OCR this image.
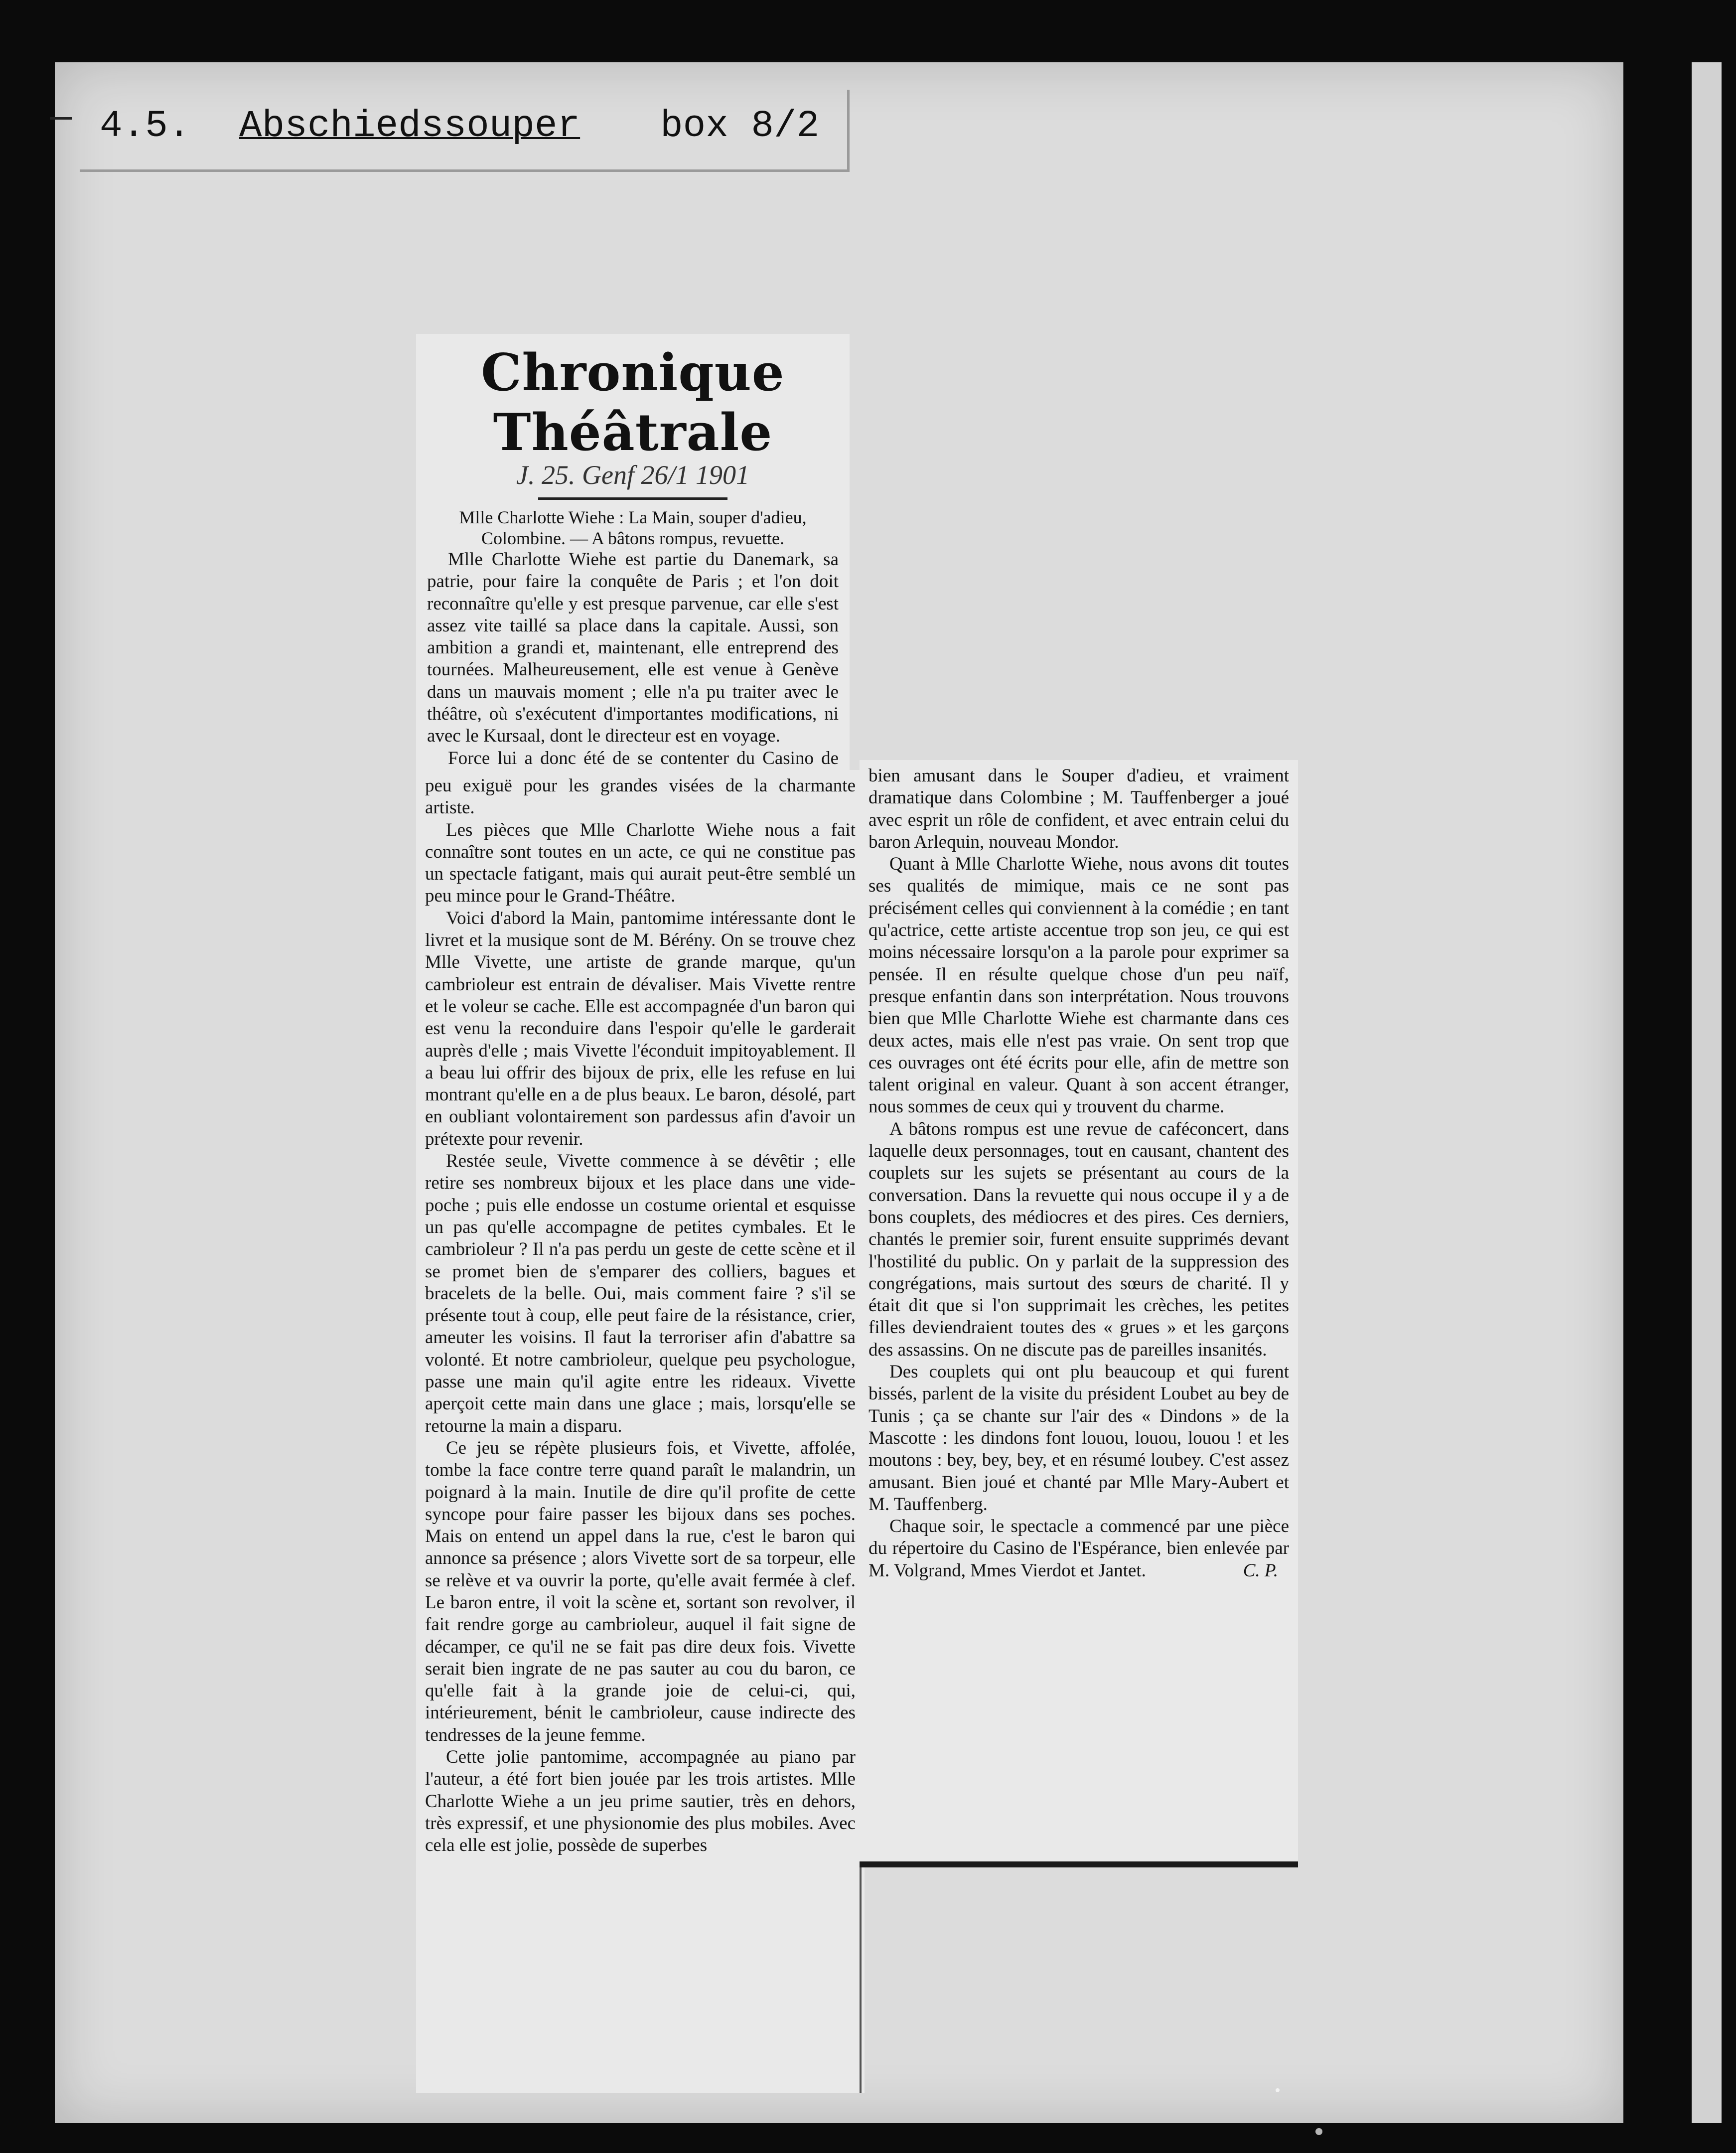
4.5. Abschiedssouper box 8/2
Chronique Théâtrale
J. 25. Genf 26/1 1901
Mlle Charlotte Wiehe : La Main, souper d'adieu, Colombine. — A bâtons rompus, revuette.

Mlle Charlotte Wiehe est partie du Danemark, sa patrie, pour faire la conquête de Paris ; et l'on doit reconnaître qu'elle y est presque parvenue, car elle s'est assez vite taillé sa place dans la capitale. Aussi, son ambition a grandi et, maintenant, elle entreprend des tournées. Malheureusement, elle est venue à Genève dans un mauvais moment ; elle n'a pu traiter avec le théâtre, où s'exécutent d'importantes modifications, ni avec le Kursaal, dont le directeur est en voyage.

Force lui a donc été de se contenter du Casino de

peu exiguë pour les grandes visées de la charmante artiste.

Les pièces que Mlle Charlotte Wiehe nous a fait connaître sont toutes en un acte, ce qui ne constitue pas un spectacle fatigant, mais qui aurait peut-être semblé un peu mince pour le Grand-Théâtre.

Voici d'abord la Main, pantomime intéressante dont le livret et la musique sont de M. Bérény. On se trouve chez Mlle Vivette, une artiste de grande marque, qu'un cambrioleur est entrain de dévaliser. Mais Vivette rentre et le voleur se cache. Elle est accompagnée d'un baron qui est venu la reconduire dans l'espoir qu'elle le garderait auprès d'elle ; mais Vivette l'éconduit impitoyablement. Il a beau lui offrir des bijoux de prix, elle les refuse en lui montrant qu'elle en a de plus beaux. Le baron, désolé, part en oubliant volontairement son pardessus afin d'avoir un prétexte pour revenir.

Restée seule, Vivette commence à se dévêtir ; elle retire ses nombreux bijoux et les place dans une vide-poche ; puis elle endosse un costume oriental et esquisse un pas qu'elle accompagne de petites cymbales. Et le cambrioleur ? Il n'a pas perdu un geste de cette scène et il se promet bien de s'emparer des colliers, bagues et bracelets de la belle. Oui, mais comment faire ? s'il se présente tout à coup, elle peut faire de la résistance, crier, ameuter les voisins. Il faut la terroriser afin d'abattre sa volonté. Et notre cambrioleur, quelque peu psychologue, passe une main qu'il agite entre les rideaux. Vivette aperçoit cette main dans une glace ; mais, lorsqu'elle se retourne la main a disparu.

Ce jeu se répète plusieurs fois, et Vivette, affolée, tombe la face contre terre quand paraît le malandrin, un poignard à la main. Inutile de dire qu'il profite de cette syncope pour faire passer les bijoux dans ses poches. Mais on entend un appel dans la rue, c'est le baron qui annonce sa présence ; alors Vivette sort de sa torpeur, elle se relève et va ouvrir la porte, qu'elle avait fermée à clef. Le baron entre, il voit la scène et, sortant son revolver, il fait rendre gorge au cambrioleur, auquel il fait signe de décamper, ce qu'il ne se fait pas dire deux fois. Vivette serait bien ingrate de ne pas sauter au cou du baron, ce qu'elle fait à la grande joie de celui-ci, qui, intérieurement, bénit le cambrioleur, cause indirecte des tendresses de la jeune femme.

Cette jolie pantomime, accompagnée au piano par l'auteur, a été fort bien jouée par les trois artistes. Mlle Charlotte Wiehe a un jeu prime sautier, très en dehors, très expressif, et une physionomie des plus mobiles. Avec cela elle est jolie, possède de superbes

bien amusant dans le Souper d'adieu, et vraiment dramatique dans Colombine ; M. Tauffenberger a joué avec esprit un rôle de confident, et avec entrain celui du baron Arlequin, nouveau Mondor.

Quant à Mlle Charlotte Wiehe, nous avons dit toutes ses qualités de mimique, mais ce ne sont pas précisément celles qui conviennent à la comédie ; en tant qu'actrice, cette artiste accentue trop son jeu, ce qui est moins nécessaire lorsqu'on a la parole pour exprimer sa pensée. Il en résulte quelque chose d'un peu naïf, presque enfantin dans son interprétation. Nous trouvons bien que Mlle Charlotte Wiehe est charmante dans ces deux actes, mais elle n'est pas vraie. On sent trop que ces ouvrages ont été écrits pour elle, afin de mettre son talent original en valeur. Quant à son accent étranger, nous sommes de ceux qui y trouvent du charme.

A bâtons rompus est une revue de caféconcert, dans laquelle deux personnages, tout en causant, chantent des couplets sur les sujets se présentant au cours de la conversation. Dans la revuette qui nous occupe il y a de bons couplets, des médiocres et des pires. Ces derniers, chantés le premier soir, furent ensuite supprimés devant l'hostilité du public. On y parlait de la suppression des congrégations, mais surtout des sœurs de charité. Il y était dit que si l'on supprimait les crèches, les petites filles deviendraient toutes des « grues » et les garçons des assassins. On ne discute pas de pareilles insanités.

Des couplets qui ont plu beaucoup et qui furent bissés, parlent de la visite du président Loubet au bey de Tunis ; ça se chante sur l'air des « Dindons » de la Mascotte : les dindons font louou, louou, louou ! et les moutons : bey, bey, bey, et en résumé loubey. C'est assez amusant. Bien joué et chanté par Mlle Mary-Aubert et M. Tauffenberg.

Chaque soir, le spectacle a commencé par une pièce du répertoire du Casino de l'Espérance, bien enlevée par M. Volgrand, Mmes Vierdot et Jantet.	C. P.
